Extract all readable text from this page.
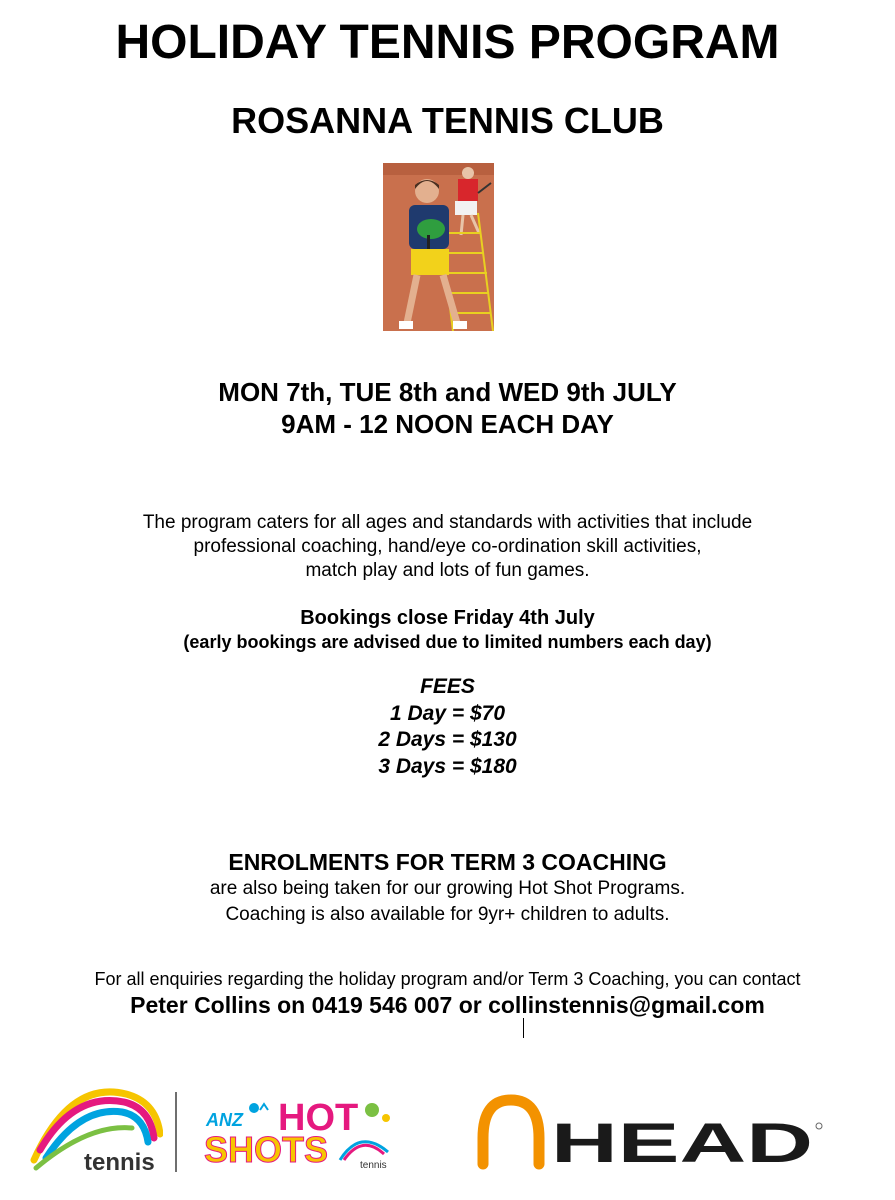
HOLIDAY TENNIS PROGRAM
ROSANNA TENNIS CLUB
MON 7th, TUE 8th and WED 9th JULY
9AM - 12 NOON EACH DAY
The program caters for all ages and standards with activities that include
professional coaching, hand/eye co-ordination skill activities,
match play and lots of fun games.
Bookings close Friday 4th July
(early bookings are advised due to limited numbers each day)
FEES
1 Day = $70
2 Days = $130
3 Days = $180
ENROLMENTS FOR TERM 3 COACHING
are also being taken for our growing Hot Shot Programs.
Coaching is also available for 9yr+ children to adults.
For all enquiries regarding the holiday program and/or Term 3 Coaching, you can contact
Peter Collins on 0419 546 007 or collinstennis@gmail.com
tennis
ANZ HOT
SHOTS	tennis	HEAD
